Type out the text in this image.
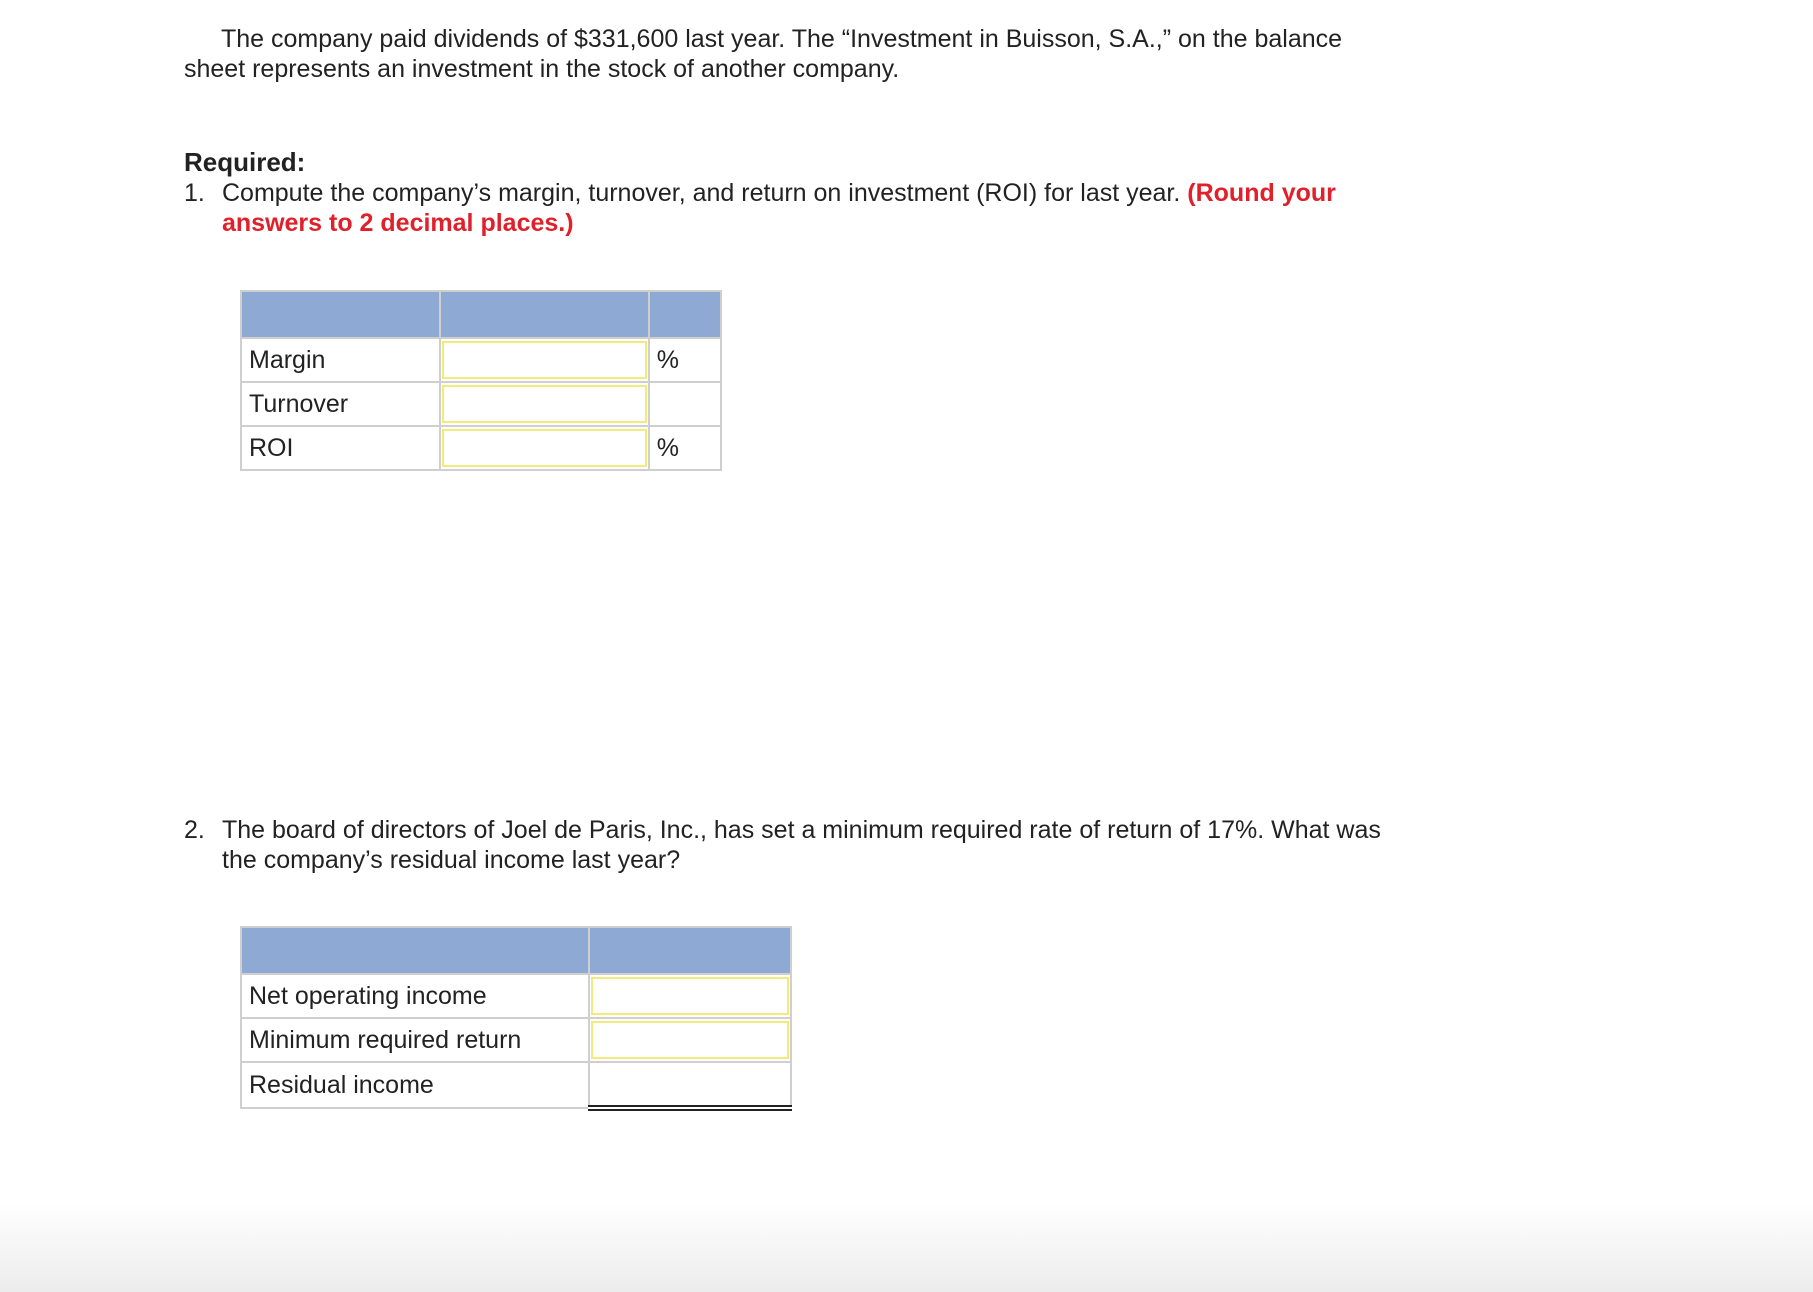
The company paid dividends of $331,600 last year. The “Investment in Buisson, S.A.,” on the balance sheet represents an investment in the stock of another company.

Required:

1. Compute the company’s margin, turnover, and return on investment (ROI) for last year. (Round your answers to 2 decimal places.)

Margin		%
Turnover	

ROI		%
2. The board of directors of Joel de Paris, Inc., has set a minimum required rate of return of 17%. What was the company’s residual income last year?

Net operating income	

Minimum required return	

Residual income	
